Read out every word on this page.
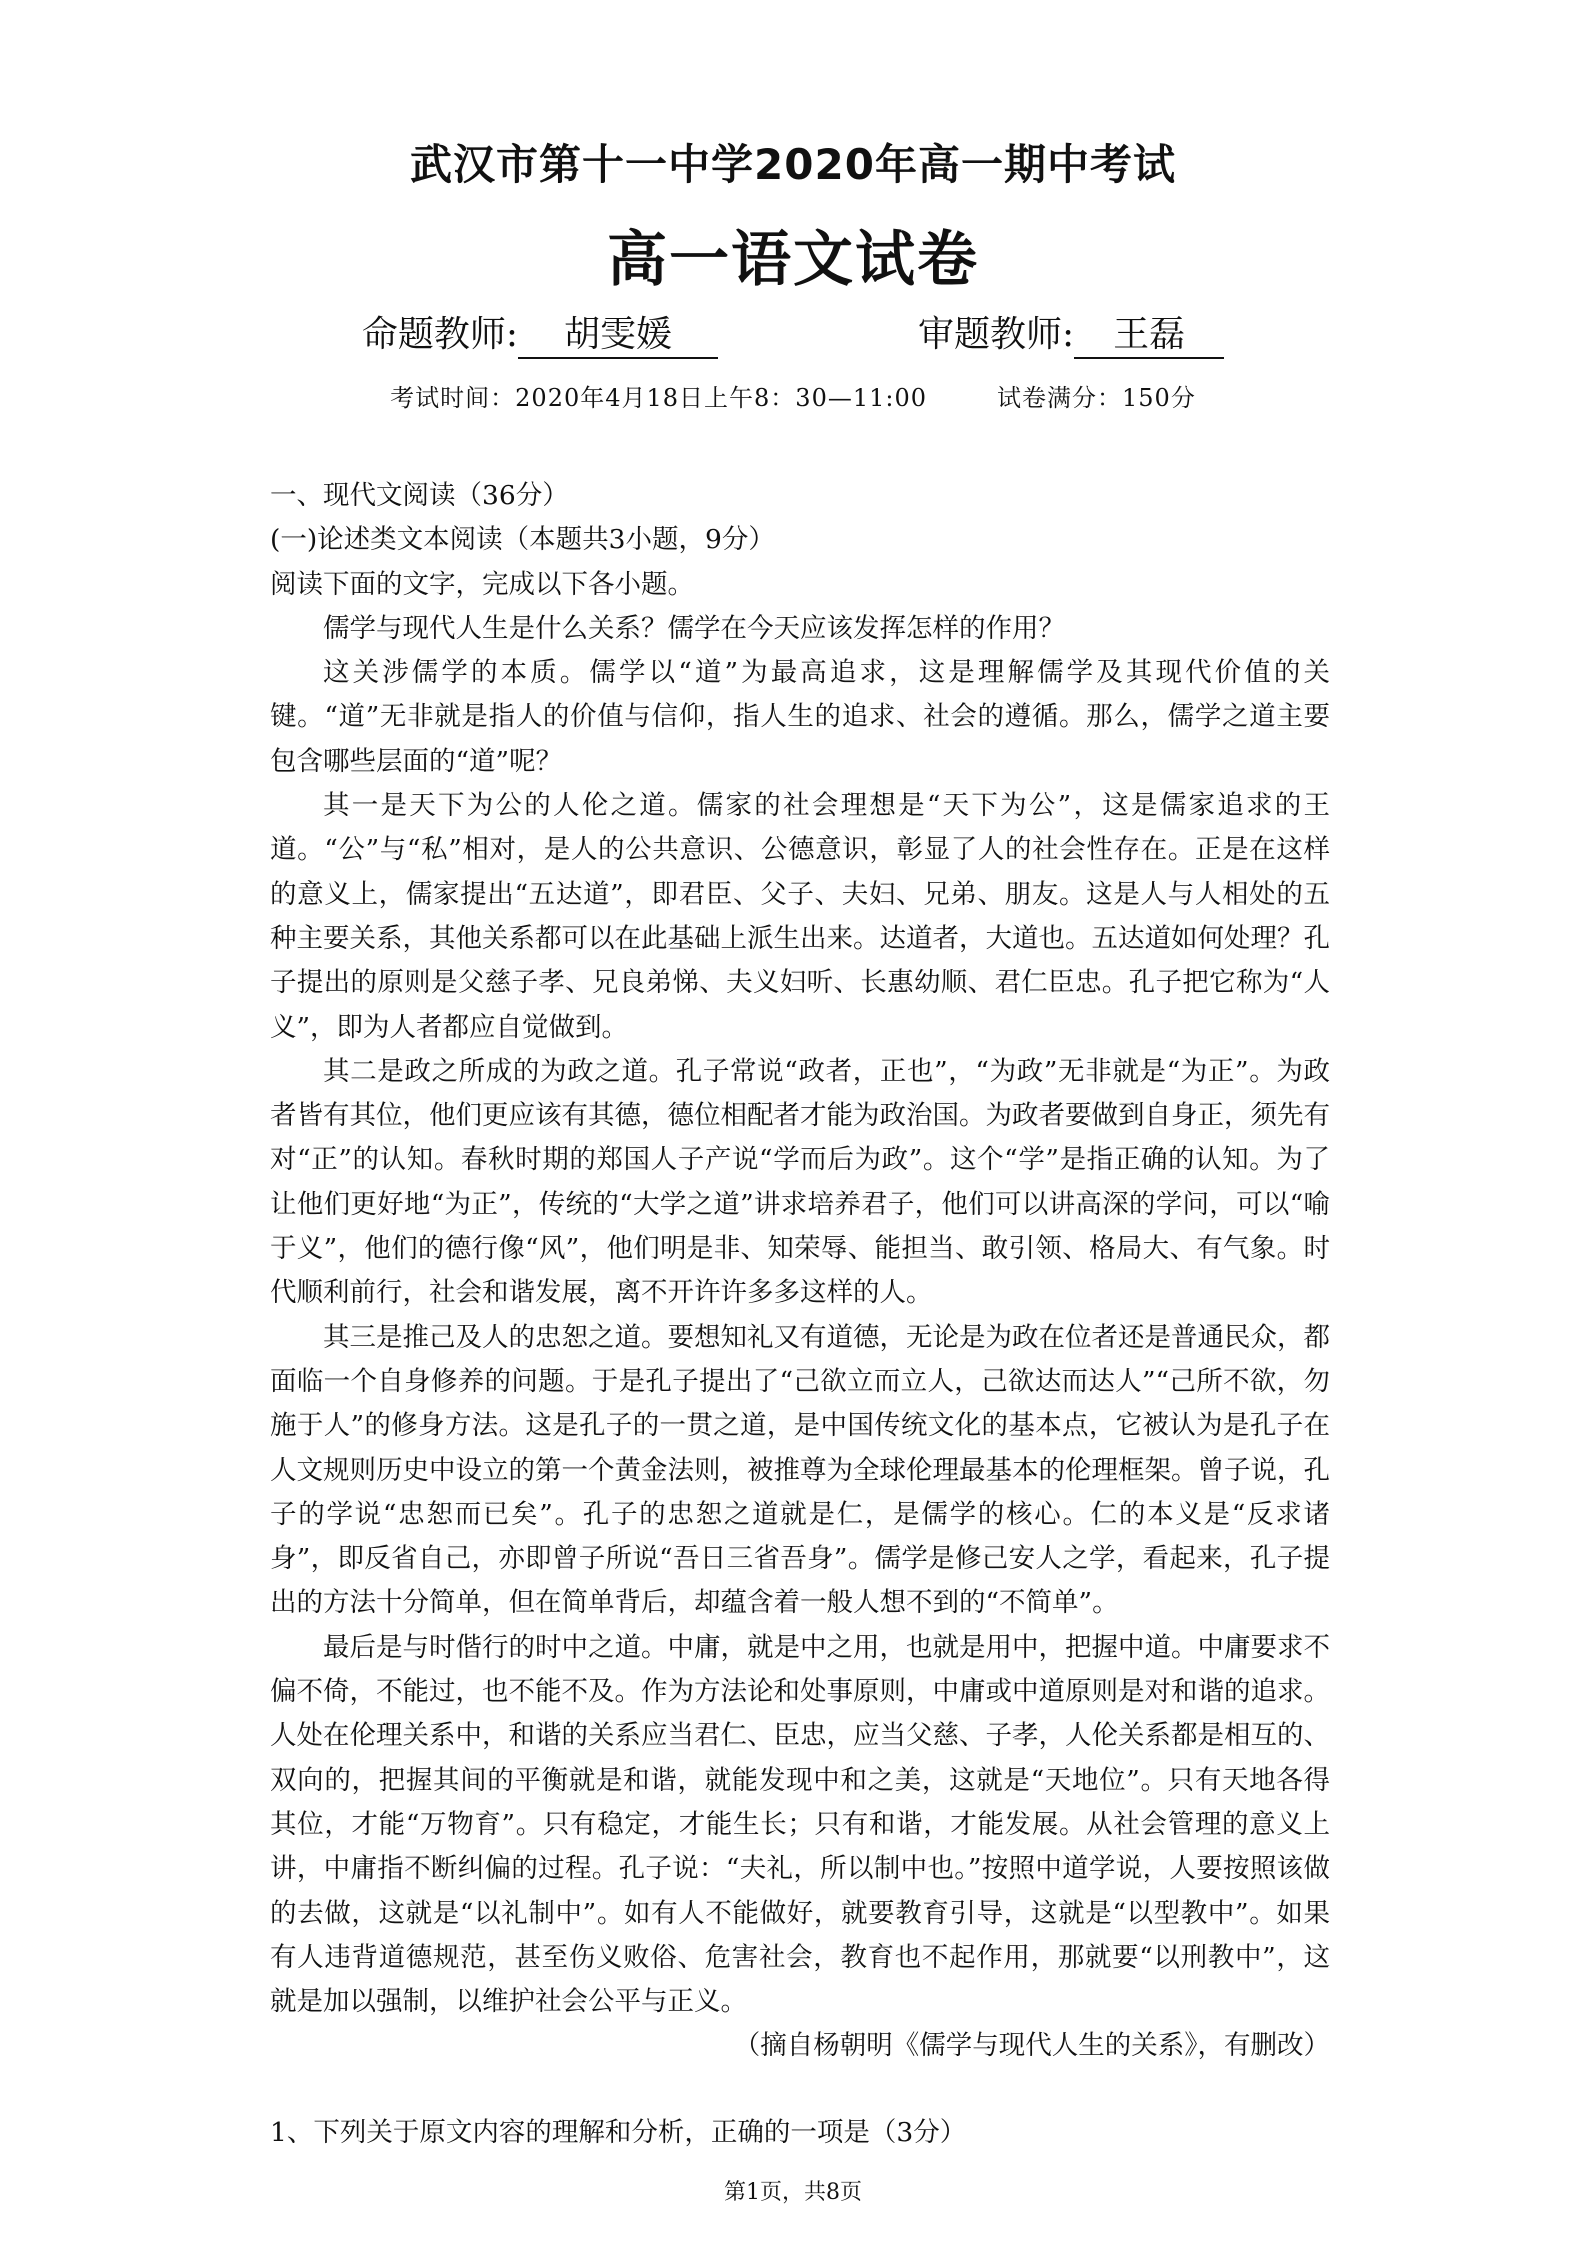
武汉市第十一中学2020年高一期中考试
高一语文试卷
命题教师: 胡雯媛	审题教师: 王磊
考试时间：2020年4月18日上午8：30—11:00	试卷满分：150分

一、现代文阅读（36分）

(一)论述类文本阅读（本题共3小题，9分）

阅读下面的文字，完成以下各小题。

儒学与现代人生是什么关系？儒学在今天应该发挥怎样的作用？

这关涉儒学的本质。儒学以“道”为最高追求，这是理解儒学及其现代价值的关键。“道”无非就是指人的价值与信仰，指人生的追求、社会的遵循。那么，儒学之道主要包含哪些层面的“道”呢？

其一是天下为公的人伦之道。儒家的社会理想是“天下为公”，这是儒家追求的王道。“公”与“私”相对，是人的公共意识、公德意识，彰显了人的社会性存在。正是在这样的意义上，儒家提出“五达道”，即君臣、父子、夫妇、兄弟、朋友。这是人与人相处的五种主要关系，其他关系都可以在此基础上派生出来。达道者，大道也。五达道如何处理？孔子提出的原则是父慈子孝、兄良弟悌、夫义妇听、长惠幼顺、君仁臣忠。孔子把它称为“人义”，即为人者都应自觉做到。

其二是政之所成的为政之道。孔子常说“政者，正也”，“为政”无非就是“为正”。为政者皆有其位，他们更应该有其德，德位相配者才能为政治国。为政者要做到自身正，须先有对“正”的认知。春秋时期的郑国人子产说“学而后为政”。这个“学”是指正确的认知。为了让他们更好地“为正”，传统的“大学之道”讲求培养君子，他们可以讲高深的学问，可以“喻于义”，他们的德行像“风”，他们明是非、知荣辱、能担当、敢引领、格局大、有气象。时代顺利前行，社会和谐发展，离不开许许多多这样的人。

其三是推己及人的忠恕之道。要想知礼又有道德，无论是为政在位者还是普通民众，都面临一个自身修养的问题。于是孔子提出了“己欲立而立人，己欲达而达人”“己所不欲，勿施于人”的修身方法。这是孔子的一贯之道，是中国传统文化的基本点，它被认为是孔子在人文规则历史中设立的第一个黄金法则，被推尊为全球伦理最基本的伦理框架。曾子说，孔子的学说“忠恕而已矣”。孔子的忠恕之道就是仁，是儒学的核心。仁的本义是“反求诸身”，即反省自己，亦即曾子所说“吾日三省吾身”。儒学是修己安人之学，看起来，孔子提出的方法十分简单，但在简单背后，却蕴含着一般人想不到的“不简单”。

最后是与时偕行的时中之道。中庸，就是中之用，也就是用中，把握中道。中庸要求不偏不倚，不能过，也不能不及。作为方法论和处事原则，中庸或中道原则是对和谐的追求。人处在伦理关系中，和谐的关系应当君仁、臣忠，应当父慈、子孝，人伦关系都是相互的、双向的，把握其间的平衡就是和谐，就能发现中和之美，这就是“天地位”。只有天地各得其位，才能“万物育”。只有稳定，才能生长；只有和谐，才能发展。从社会管理的意义上讲，中庸指不断纠偏的过程。孔子说：“夫礼，所以制中也。”按照中道学说，人要按照该做的去做，这就是“以礼制中”。如有人不能做好，就要教育引导，这就是“以型教中”。如果有人违背道德规范，甚至伤义败俗、危害社会，教育也不起作用，那就要“以刑教中”，这就是加以强制，以维护社会公平与正义。

（摘自杨朝明《儒学与现代人生的关系》，有删改）

1、下列关于原文内容的理解和分析，正确的一项是（3分）

第1页，共8页
